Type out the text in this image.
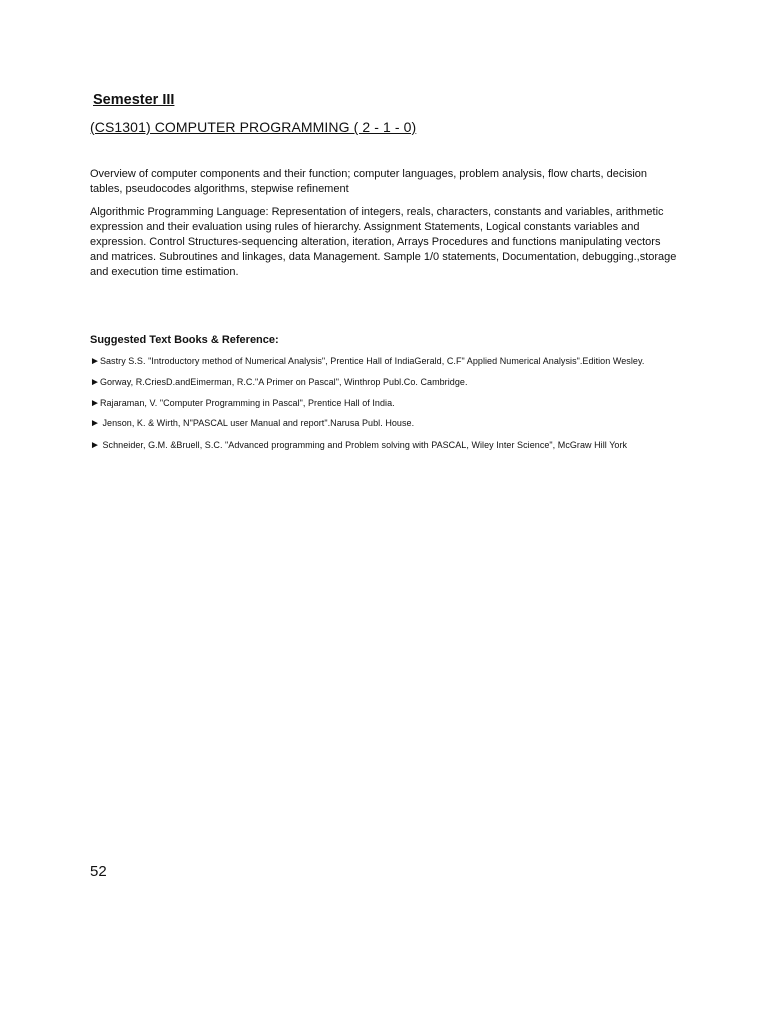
Semester III
(CS1301) COMPUTER PROGRAMMING ( 2 - 1 - 0)

Overview of computer components and their function; computer languages, problem analysis, flow charts, decision tables, pseudocodes algorithms, stepwise refinement

Algorithmic Programming Language: Representation of integers, reals, characters, constants and variables, arithmetic expression and their evaluation using rules of hierarchy. Assignment Statements, Logical constants variables and expression. Control Structures-sequencing alteration, iteration, Arrays Procedures and functions manipulating vectors and matrices. Subroutines and linkages, data Management. Sample 1/0 statements, Documentation, debugging.,storage and execution time estimation.

Suggested Text Books & Reference:

►Sastry S.S. "Introductory method of Numerical Analysis", Prentice Hall of IndiaGerald, C.F" Applied Numerical Analysis".Edition Wesley.

►Gorway, R.CriesD.andEimerman, R.C."A Primer on Pascal", Winthrop Publ.Co. Cambridge.

►Rajaraman, V. "Computer Programming in Pascal", Prentice Hall of India.

► Jenson, K. & Wirth, N"PASCAL user Manual and report".Narusa Publ. House.

► Schneider, G.M. &Bruell, S.C. "Advanced programming and Problem solving with PASCAL, Wiley Inter Science", McGraw Hill York

52
